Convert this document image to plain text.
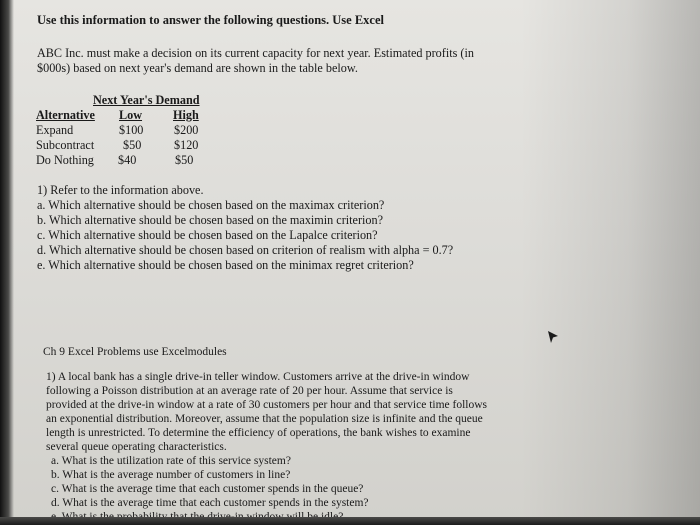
Use this information to answer the following questions. Use Excel
ABC Inc. must make a decision on its current capacity for next year. Estimated profits (in
$000s) based on next year's demand are shown in the table below.
Next Year's Demand
Alternative Low	High
Expand	$100	$200
Subcontract $50	$120
Do Nothing $40	$50
1) Refer to the information above.
a. Which alternative should be chosen based on the maximax criterion?
b. Which alternative should be chosen based on the maximin criterion?
c. Which alternative should be chosen based on the Lapalce criterion?
d. Which alternative should be chosen based on criterion of realism with alpha = 0.7?
e. Which alternative should be chosen based on the minimax regret criterion?
Ch 9 Excel Problems use Excelmodules
1) A local bank has a single drive-in teller window. Customers arrive at the drive-in window
following a Poisson distribution at an average rate of 20 per hour. Assume that service is
provided at the drive-in window at a rate of 30 customers per hour and that service time follows
an exponential distribution. Moreover, assume that the population size is infinite and the queue
length is unrestricted. To determine the efficiency of operations, the bank wishes to examine
several queue operating characteristics.
a. What is the utilization rate of this service system?
b. What is the average number of customers in line?
c. What is the average time that each customer spends in the queue?
d. What is the average time that each customer spends in the system?
